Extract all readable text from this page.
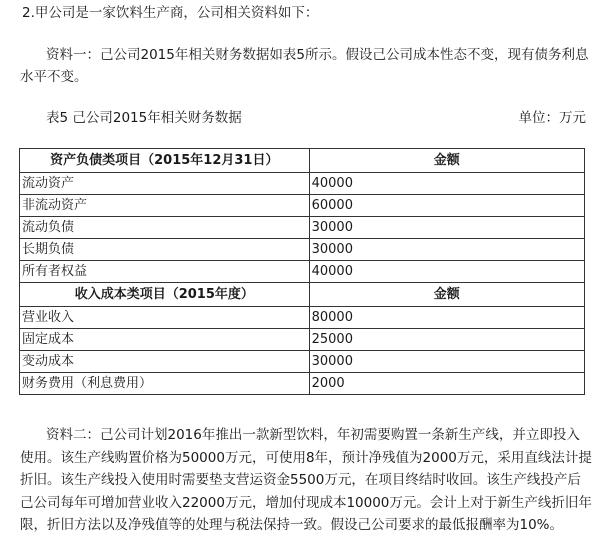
2.甲公司是一家饮料生产商，公司相关资料如下：

资料一：己公司2015年相关财务数据如表5所示。假设己公司成本性态不变，现有债务利息水平不变。

表5 己公司2015年相关财务数据	单位：万元
资产负债类项目（2015年12月31日）	金额
流动资产	40000
非流动资产	60000
流动负债	30000
长期负债	30000
所有者权益	40000
收入成本类项目（2015年度）	金额
营业收入	80000
固定成本	25000
变动成本	30000
财务费用（利息费用）	2000

资料二：己公司计划2016年推出一款新型饮料，年初需要购置一条新生产线，并立即投入使用。该生产线购置价格为50000万元，可使用8年，预计净残值为2000万元，采用直线法计提折旧。该生产线投入使用时需要垫支营运资金5500万元，在项目终结时收回。该生产线投产后己公司每年可增加营业收入22000万元，增加付现成本10000万元。会计上对于新生产线折旧年限，折旧方法以及净残值等的处理与税法保持一致。假设己公司要求的最低报酬率为10%。
